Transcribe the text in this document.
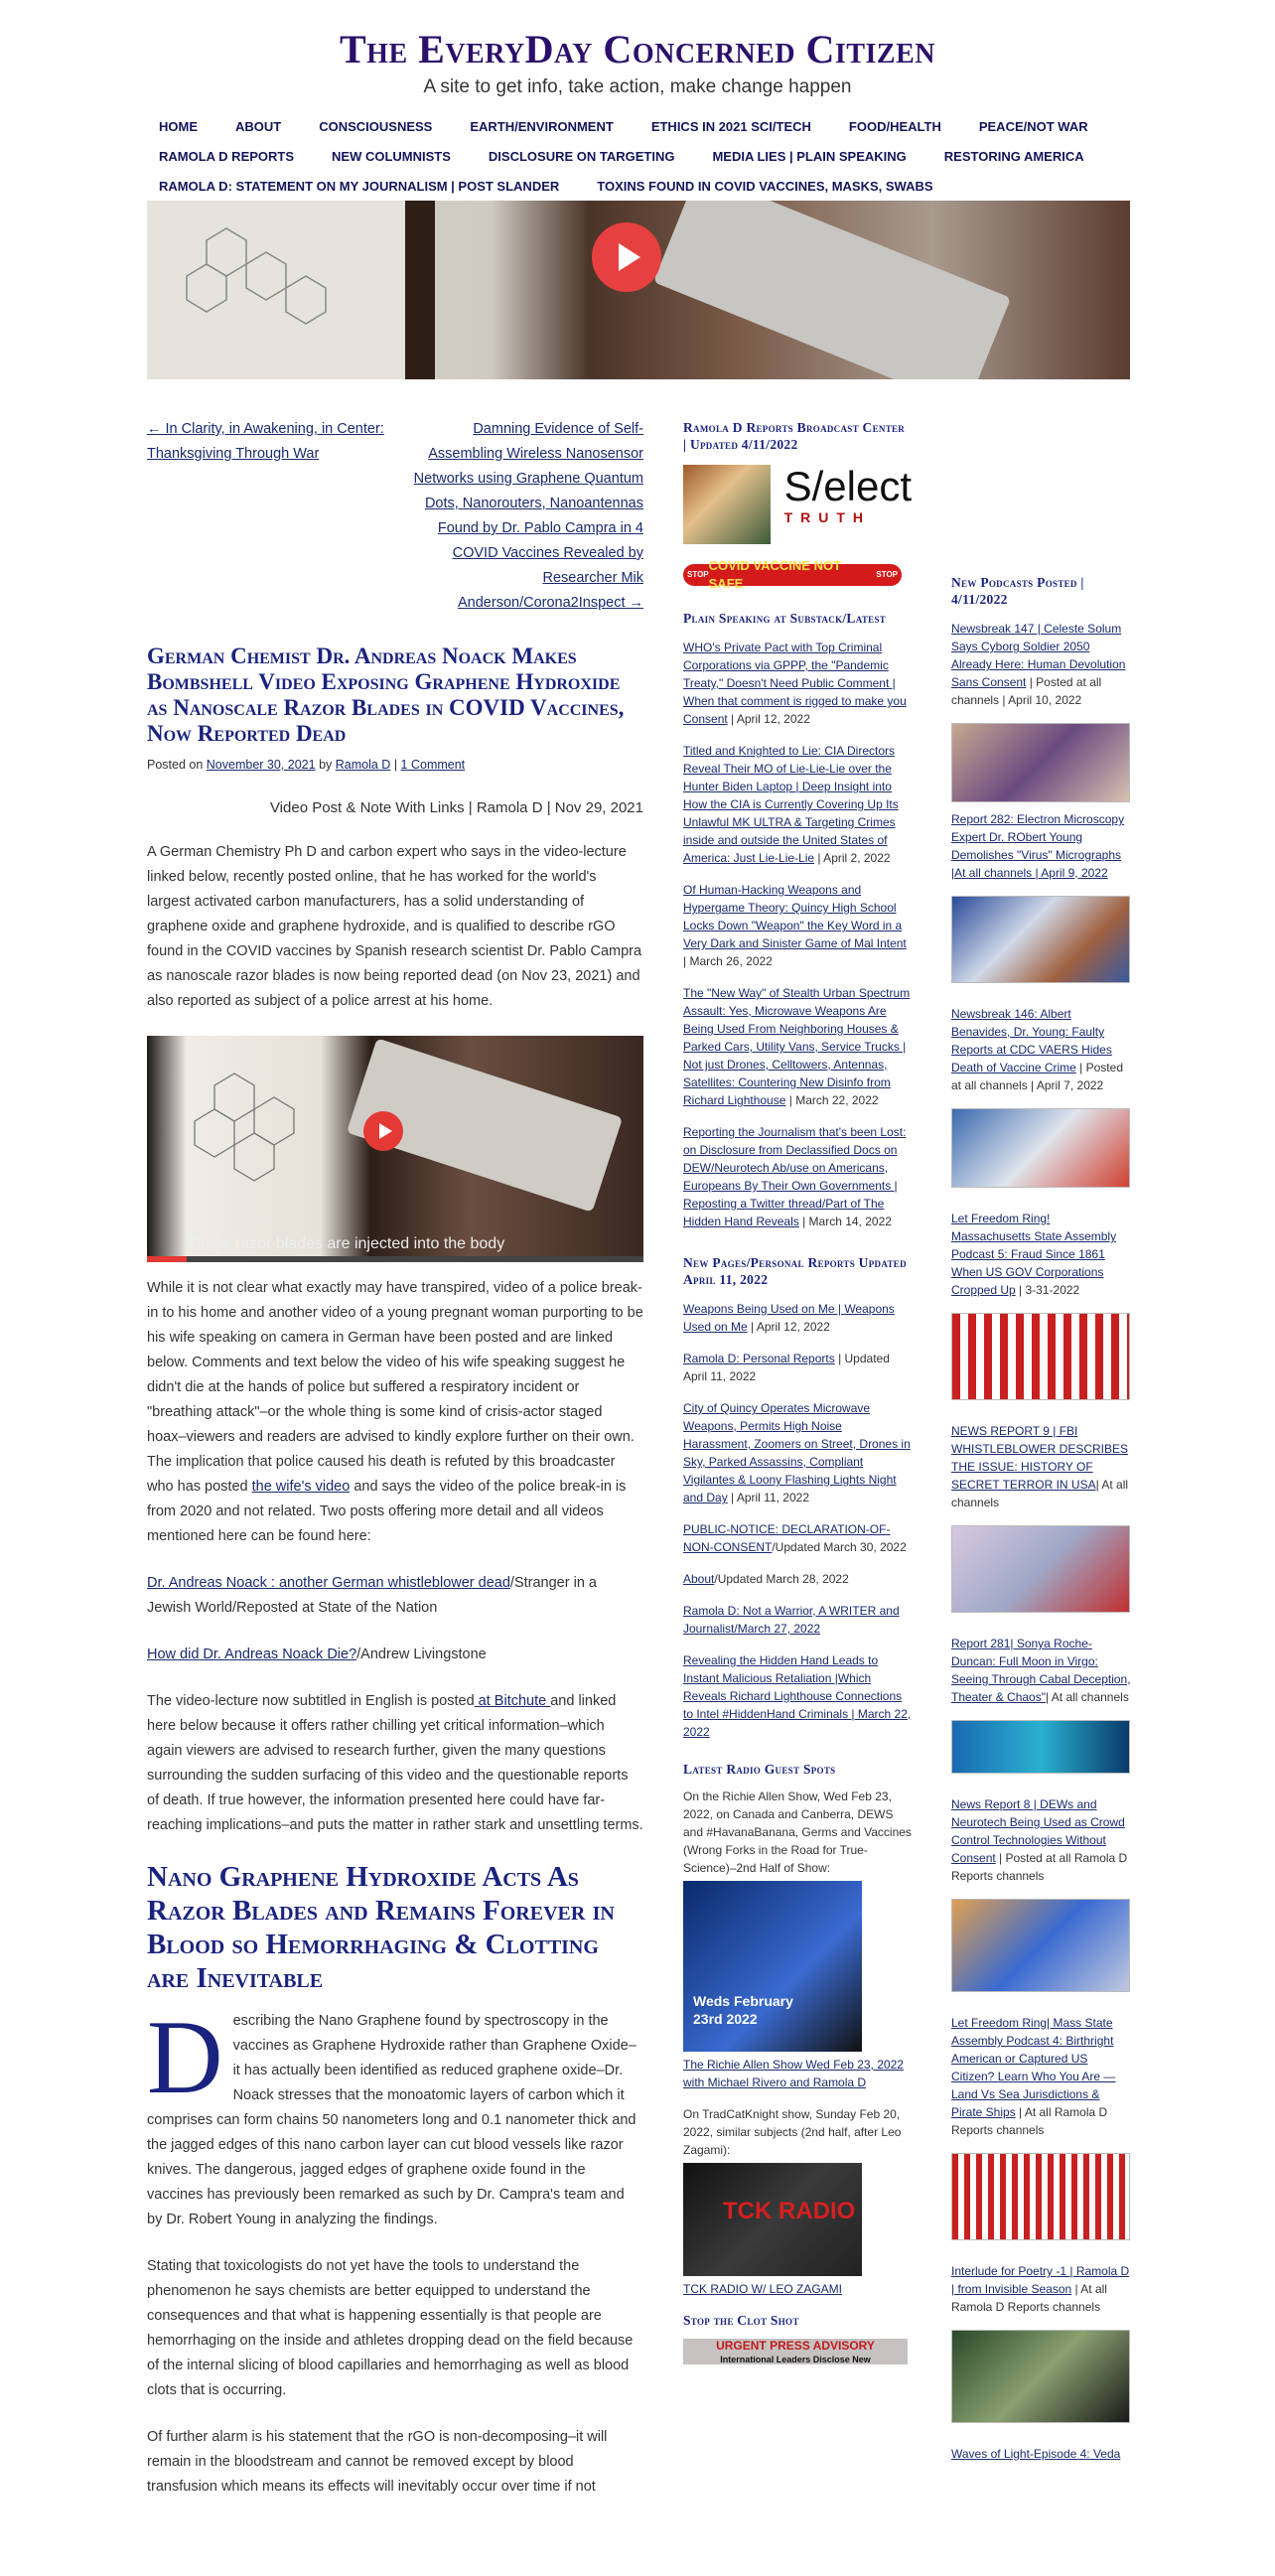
The EveryDay Concerned Citizen
A site to get info, take action, make change happen
HOME	ABOUT	CONSCIOUSNESS	EARTH/ENVIRONMENT	ETHICS IN 2021 SCI/TECH	FOOD/HEALTH	PEACE/NOT WAR
RAMOLA D REPORTS	NEW COLUMNISTS	DISCLOSURE ON TARGETING	MEDIA LIES | PLAIN SPEAKING	RESTORING AMERICA
RAMOLA D: STATEMENT ON MY JOURNALISM | POST SLANDER	TOXINS FOUND IN COVID VACCINES, MASKS, SWABS
← In Clarity, in Awakening, in Center: Thanksgiving Through War
Damning Evidence of Self-Assembling Wireless Nanosensor Networks using Graphene Quantum Dots, Nanorouters, Nanoantennas Found by Dr. Pablo Campra in 4 COVID Vaccines Revealed by Researcher Mik Anderson/Corona2Inspect →
German Chemist Dr. Andreas Noack Makes Bombshell Video Exposing Graphene Hydroxide as Nanoscale Razor Blades in COVID Vaccines, Now Reported Dead
Posted on November 30, 2021 by Ramola D | 1 Comment
Video Post & Note With Links | Ramola D | Nov 29, 2021

A German Chemistry Ph D and carbon expert who says in the video-lecture linked below, recently posted online, that he has worked for the world's largest activated carbon manufacturers, has a solid understanding of graphene oxide and graphene hydroxide, and is qualified to describe rGO found in the COVID vaccines by Spanish research scientist Dr. Pablo Campra as nanoscale razor blades is now being reported dead (on Nov 23, 2021) and also reported as subject of a police arrest at his home.

These razor blades are injected into the body

While it is not clear what exactly may have transpired, video of a police break-in to his home and another video of a young pregnant woman purporting to be his wife speaking on camera in German have been posted and are linked below. Comments and text below the video of his wife speaking suggest he didn't die at the hands of police but suffered a respiratory incident or "breathing attack"–or the whole thing is some kind of crisis-actor staged hoax–viewers and readers are advised to kindly explore further on their own. The implication that police caused his death is refuted by this broadcaster who has posted the wife's video and says the video of the police break-in is from 2020 and not related. Two posts offering more detail and all videos mentioned here can be found here:

Dr. Andreas Noack : another German whistleblower dead/Stranger in a Jewish World/Reposted at State of the Nation

How did Dr. Andreas Noack Die?/Andrew Livingstone

The video-lecture now subtitled in English is posted at Bitchute and linked here below because it offers rather chilling yet critical information–which again viewers are advised to research further, given the many questions surrounding the sudden surfacing of this video and the questionable reports of death. If true however, the information presented here could have far-reaching implications–and puts the matter in rather stark and unsettling terms.

Nano Graphene Hydroxide Acts As Razor Blades and Remains Forever in Blood so Hemorrhaging & Clotting are Inevitable

Describing the Nano Graphene found by spectroscopy in the vaccines as Graphene Hydroxide rather than Graphene Oxide–it has actually been identified as reduced graphene oxide–Dr. Noack stresses that the monoatomic layers of carbon which it comprises can form chains 50 nanometers long and 0.1 nanometer thick and the jagged edges of this nano carbon layer can cut blood vessels like razor knives. The dangerous, jagged edges of graphene oxide found in the vaccines has previously been remarked as such by Dr. Campra's team and by Dr. Robert Young in analyzing the findings.

Stating that toxicologists do not yet have the tools to understand the phenomenon he says chemists are better equipped to understand the consequences and that what is happening essentially is that people are hemorrhaging on the inside and athletes dropping dead on the field because of the internal slicing of blood capillaries and hemorrhaging as well as blood clots that is occurring.

Of further alarm is his statement that the rGO is non-decomposing–it will remain in the bloodstream and cannot be removed except by blood transfusion which means its effects will inevitably occur over time if not

Ramola D Reports Broadcast Center | Updated 4/11/2022
S/elect
TRUTH
STOP
COVID VACCINE NOT SAFE
STOP
Plain Speaking at Substack/Latest
WHO's Private Pact with Top Criminal Corporations via GPPP, the "Pandemic Treaty," Doesn't Need Public Comment | When that comment is rigged to make you Consent | April 12, 2022
Titled and Knighted to Lie: CIA Directors Reveal Their MO of Lie-Lie-Lie over the Hunter Biden Laptop | Deep Insight into How the CIA is Currently Covering Up Its Unlawful MK ULTRA & Targeting Crimes inside and outside the United States of America: Just Lie-Lie-Lie | April 2, 2022
Of Human-Hacking Weapons and Hypergame Theory: Quincy High School Locks Down "Weapon" the Key Word in a Very Dark and Sinister Game of Mal Intent | March 26, 2022
The "New Way" of Stealth Urban Spectrum Assault: Yes, Microwave Weapons Are Being Used From Neighboring Houses & Parked Cars, Utility Vans, Service Trucks | Not just Drones, Celltowers, Antennas, Satellites: Countering New Disinfo from Richard Lighthouse | March 22, 2022
Reporting the Journalism that's been Lost: on Disclosure from Declassified Docs on DEW/Neurotech Ab/use on Americans, Europeans By Their Own Governments | Reposting a Twitter thread/Part of The Hidden Hand Reveals | March 14, 2022
New Pages/Personal Reports Updated April 11, 2022
Weapons Being Used on Me | Weapons Used on Me | April 12, 2022
Ramola D: Personal Reports | Updated April 11, 2022
City of Quincy Operates Microwave Weapons, Permits High Noise Harassment, Zoomers on Street, Drones in Sky, Parked Assassins, Compliant Vigilantes & Loony Flashing Lights Night and Day | April 11, 2022
PUBLIC-NOTICE: DECLARATION-OF-NON-CONSENT/Updated March 30, 2022
About/Updated March 28, 2022
Ramola D: Not a Warrior, A WRITER and Journalist/March 27, 2022
Revealing the Hidden Hand Leads to Instant Malicious Retaliation |Which Reveals Richard Lighthouse Connections to Intel #HiddenHand Criminals | March 22, 2022
Latest Radio Guest Spots
On the Richie Allen Show, Wed Feb 23, 2022, on Canada and Canberra, DEWS and #HavanaBanana, Germs and Vaccines (Wrong Forks in the Road for True-Science)–2nd Half of Show:
Weds February 23rd 2022
The Richie Allen Show Wed Feb 23, 2022 with Michael Rivero and Ramola D
On TradCatKnight show, Sunday Feb 20, 2022, similar subjects (2nd half, after Leo Zagami):
TCK RADIO
TCK RADIO W/ LEO ZAGAMI
Stop the Clot Shot
URGENT PRESS ADVISORY
International Leaders Disclose New
New Podcasts Posted | 4/11/2022
Newsbreak 147 | Celeste Solum Says Cyborg Soldier 2050 Already Here: Human Devolution Sans Consent | Posted at all channels | April 10, 2022
Report 282: Electron Microscopy Expert Dr. RObert Young Demolishes "Virus" Micrographs |At all channels | April 9, 2022
Newsbreak 146: Albert Benavides, Dr. Young: Faulty Reports at CDC VAERS Hides Death of Vaccine Crime | Posted at all channels | April 7, 2022
Let Freedom Ring! Massachusetts State Assembly Podcast 5: Fraud Since 1861 When US GOV Corporations Cropped Up | 3-31-2022
NEWS REPORT 9 | FBI WHISTLEBLOWER DESCRIBES THE ISSUE: HISTORY OF SECRET TERROR IN USA| At all channels
Report 281| Sonya Roche-Duncan: Full Moon in Virgo: Seeing Through Cabal Deception, Theater & Chaos"| At all channels
News Report 8 | DEWs and Neurotech Being Used as Crowd Control Technologies Without Consent | Posted at all Ramola D Reports channels
Let Freedom Ring| Mass State Assembly Podcast 4: Birthright American or Captured US Citizen? Learn Who You Are — Land Vs Sea Jurisdictions & Pirate Ships | At all Ramola D Reports channels
Interlude for Poetry -1 | Ramola D | from Invisible Season | At all Ramola D Reports channels
Waves of Light-Episode 4: Veda
